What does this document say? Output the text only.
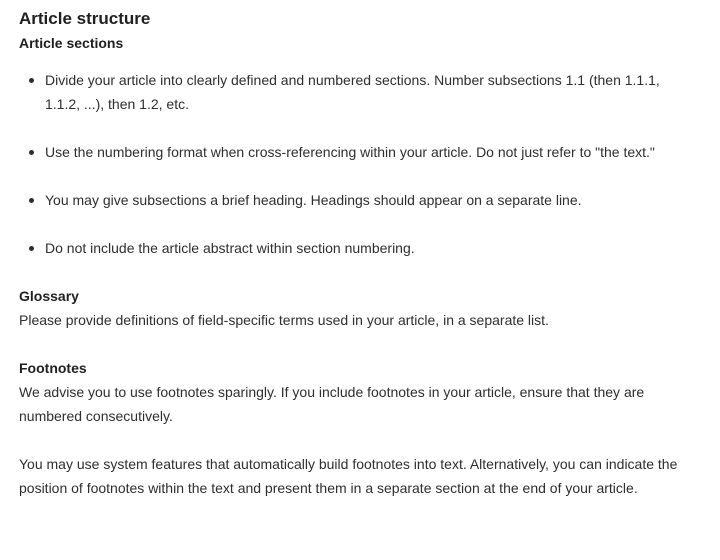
Article structure
Article sections
Divide your article into clearly defined and numbered sections. Number subsections 1.1 (then 1.1.1, 1.1.2, ...), then 1.2, etc.
Use the numbering format when cross-referencing within your article. Do not just refer to "the text."
You may give subsections a brief heading. Headings should appear on a separate line.
Do not include the article abstract within section numbering.
Glossary

Please provide definitions of field-specific terms used in your article, in a separate list.

Footnotes

We advise you to use footnotes sparingly. If you include footnotes in your article, ensure that they are numbered consecutively.

You may use system features that automatically build footnotes into text. Alternatively, you can indicate the position of footnotes within the text and present them in a separate section at the end of your article.
